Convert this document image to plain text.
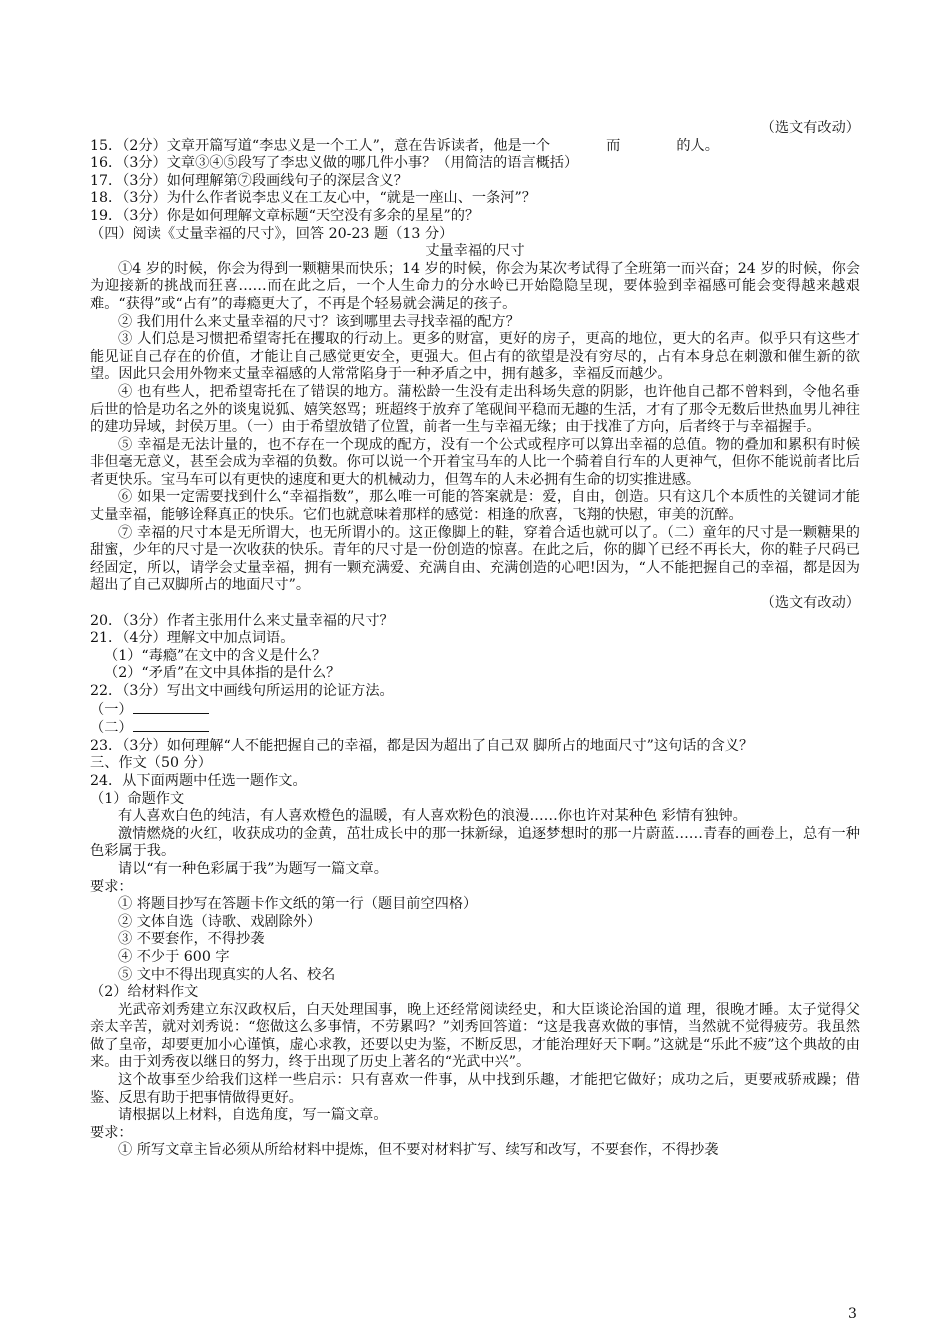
（选文有改动）
15．（2分）文章开篇写道“李忠义是一个工人”，意在告诉读者，他是一个	而	的人。
16．（3分）文章③④⑤段写了李忠义做的哪几件小事？（用简洁的语言概括）
17．（3分）如何理解第⑦段画线句子的深层含义？
18．（3分）为什么作者说李忠义在工友心中，“就是一座山、一条河”？
19．（3分）你是如何理解文章标题“天空没有多余的星星”的？
（四）阅读《丈量幸福的尺寸》，回答 20-23 题（13 分）
丈量幸福的尺寸
①4 岁的时候，你会为得到一颗糖果而快乐；14 岁的时候，你会为某次考试得了全班第一而兴奋；24 岁的时候，你会为迎接新的挑战而狂喜……而在此之后，一个人生命力的分水岭已开始隐隐呈现，要体验到幸福感可能会变得越来越艰难。“获得”或“占有”的毒瘾更大了，不再是个轻易就会满足的孩子。
② 我们用什么来丈量幸福的尺寸？该到哪里去寻找幸福的配方？
③ 人们总是习惯把希望寄托在攫取的行动上。更多的财富，更好的房子，更高的地位，更大的名声。似乎只有这些才能见证自己存在的价值，才能让自己感觉更安全，更强大。但占有的欲望是没有穷尽的，占有本身总在刺激和催生新的欲望。因此只会用外物来丈量幸福感的人常常陷身于一种矛盾之中，拥有越多，幸福反而越少。
④ 也有些人，把希望寄托在了错误的地方。蒲松龄一生没有走出科场失意的阴影，也许他自己都不曾料到，令他名垂后世的恰是功名之外的谈鬼说狐、嬉笑怒骂；班超终于放弃了笔砚间平稳而无趣的生活，才有了那令无数后世热血男儿神往的建功异域，封侯万里。（一）由于希望放错了位置，前者一生与幸福无缘；由于找准了方向，后者终于与幸福握手。
⑤ 幸福是无法计量的，也不存在一个现成的配方，没有一个公式或程序可以算出幸福的总值。物的叠加和累积有时候非但毫无意义，甚至会成为幸福的负数。你可以说一个开着宝马车的人比一个骑着自行车的人更神气，但你不能说前者比后者更快乐。宝马车可以有更快的速度和更大的机械动力，但驾车的人未必拥有生命的切实推进感。
⑥ 如果一定需要找到什么“幸福指数”，那么唯一可能的答案就是：爱，自由，创造。只有这几个本质性的关键词才能丈量幸福，能够诠释真正的快乐。它们也就意味着那样的感觉：相逢的欣喜，飞翔的快慰，审美的沉醉。
⑦ 幸福的尺寸本是无所谓大，也无所谓小的。这正像脚上的鞋，穿着合适也就可以了。（二）童年的尺寸是一颗糖果的甜蜜，少年的尺寸是一次收获的快乐。青年的尺寸是一份创造的惊喜。在此之后，你的脚丫已经不再长大，你的鞋子尺码已经固定，所以，请学会丈量幸福，拥有一颗充满爱、充满自由、充满创造的心吧!因为，“人不能把握自己的幸福，都是因为超出了自己双脚所占的地面尺寸”。
（选文有改动）
20．（3分）作者主张用什么来丈量幸福的尺寸？
21．（4分）理解文中加点词语。
（1）“毒瘾”在文中的含义是什么？
（2）“矛盾”在文中具体指的是什么？
22．（3分）写出文中画线句所运用的论证方法。
（一）
（二）
23．（3分）如何理解“人不能把握自己的幸福，都是因为超出了自己双 脚所占的地面尺寸”这句话的含义？
三、作文（50 分）
24．从下面两题中任选一题作文。
（1）命题作文
有人喜欢白色的纯洁，有人喜欢橙色的温暖，有人喜欢粉色的浪漫……你也许对某种色 彩情有独钟。
激情燃烧的火红，收获成功的金黄，茁壮成长中的那一抹新绿，追逐梦想时的那一片蔚蓝……青春的画卷上，总有一种色彩属于我。
请以“有一种色彩属于我”为题写一篇文章。
要求：
① 将题目抄写在答题卡作文纸的第一行（题目前空四格）
② 文体自选（诗歌、戏剧除外）
③ 不要套作，不得抄袭
④ 不少于 600 字
⑤ 文中不得出现真实的人名、校名
（2）给材料作文
光武帝刘秀建立东汉政权后，白天处理国事，晚上还经常阅读经史，和大臣谈论治国的道 理，很晚才睡。太子觉得父亲太辛苦，就对刘秀说：“您做这么多事情，不劳累吗？”刘秀回答道：“这是我喜欢做的事情，当然就不觉得疲劳。我虽然做了皇帝，却要更加小心谨慎，虚心求教，还要以史为鉴，不断反思，才能治理好天下啊。”这就是“乐此不疲”这个典故的由来。由于刘秀夜以继日的努力，终于出现了历史上著名的“光武中兴”。
这个故事至少给我们这样一些启示：只有喜欢一件事，从中找到乐趣，才能把它做好；成功之后，更要戒骄戒躁；借鉴、反思有助于把事情做得更好。
请根据以上材料，自选角度，写一篇文章。
要求：
① 所写文章主旨必须从所给材料中提炼，但不要对材料扩写、续写和改写，不要套作，不得抄袭
3
